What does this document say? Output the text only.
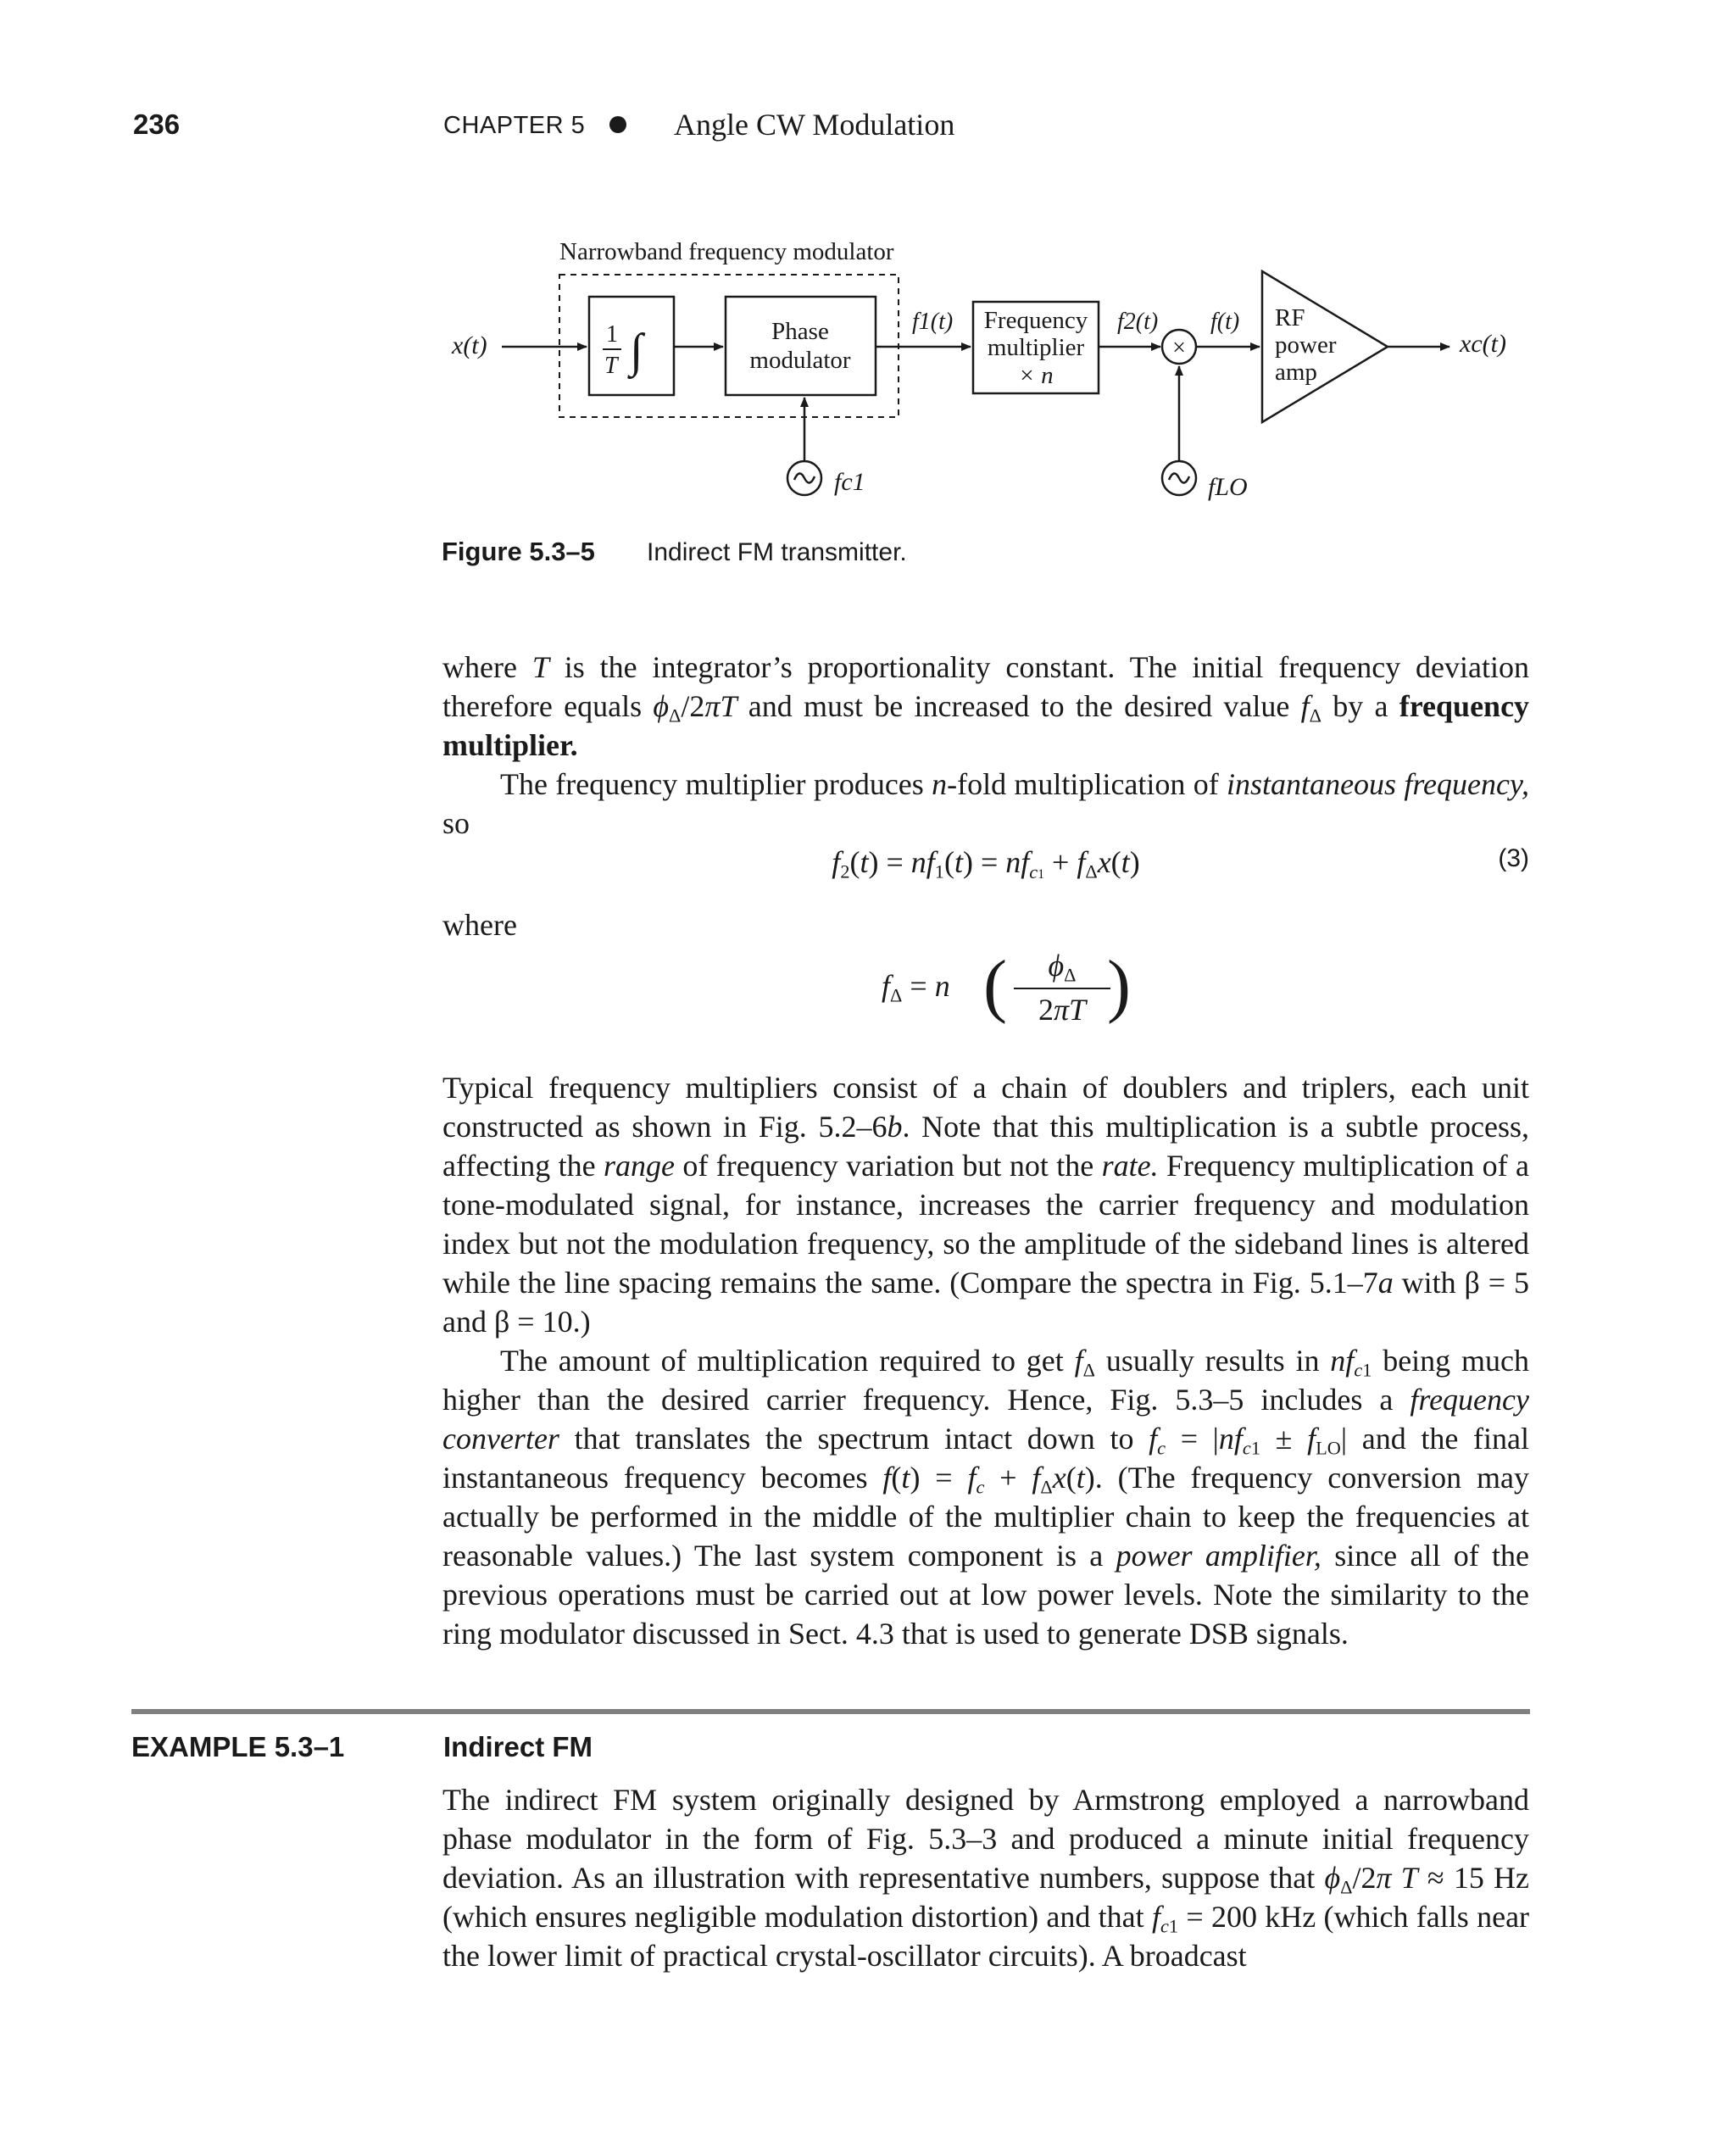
236	CHAPTER 5	Angle CW Modulation
Narrowband frequency modulator
x(t)	1
T ∫	Phase
modulator
f1(t) Frequency
multiplier
× n
f2(t)
×
f(t) RF
power
amp
xc(t)
fc1	fLO
Figure 5.3–5 Indirect FM transmitter.

where T is the integrator’s proportionality constant. The initial frequency deviation therefore equals $\phi_\Delta/2\pi T$ and must be increased to the desired value $f_\Delta$ by a frequency multiplier.

The frequency multiplier produces n-fold multiplication of instantaneous frequency, so

$f_2(t) = nf_1(t) = nf_{c1} + f_\Delta x(t)$	(3)
where
$f_\Delta = n$ (	$\phi_\Delta$
2πT )

Typical frequency multipliers consist of a chain of doublers and triplers, each unit constructed as shown in Fig. 5.2–6b. Note that this multiplication is a subtle process, affecting the range of frequency variation but not the rate. Frequency multiplication of a tone-modulated signal, for instance, increases the carrier frequency and modulation index but not the modulation frequency, so the amplitude of the sideband lines is altered while the line spacing remains the same. (Compare the spectra in Fig. 5.1–7a with β = 5 and β = 10.)

The amount of multiplication required to get $f_\Delta$ usually results in $nf_{c1}$ being much higher than the desired carrier frequency. Hence, Fig. 5.3–5 includes a frequency converter that translates the spectrum intact down to $f_c = |nf_{c1} \pm f_{LO}|$ and the final instantaneous frequency becomes $f(t) = f_c + f_\Delta x(t)$. (The frequency conversion may actually be performed in the middle of the multiplier chain to keep the frequencies at reasonable values.) The last system component is a power amplifier, since all of the previous operations must be carried out at low power levels. Note the similarity to the ring modulator discussed in Sect. 4.3 that is used to generate DSB signals.

EXAMPLE 5.3–1	Indirect FM

The indirect FM system originally designed by Armstrong employed a narrowband phase modulator in the form of Fig. 5.3–3 and produced a minute initial frequency deviation. As an illustration with representative numbers, suppose that $\phi_\Delta/2\pi$ T ≈ 15 Hz (which ensures negligible modulation distortion) and that $f_{c1} = 200$ kHz (which falls near the lower limit of practical crystal-oscillator circuits). A broadcast
